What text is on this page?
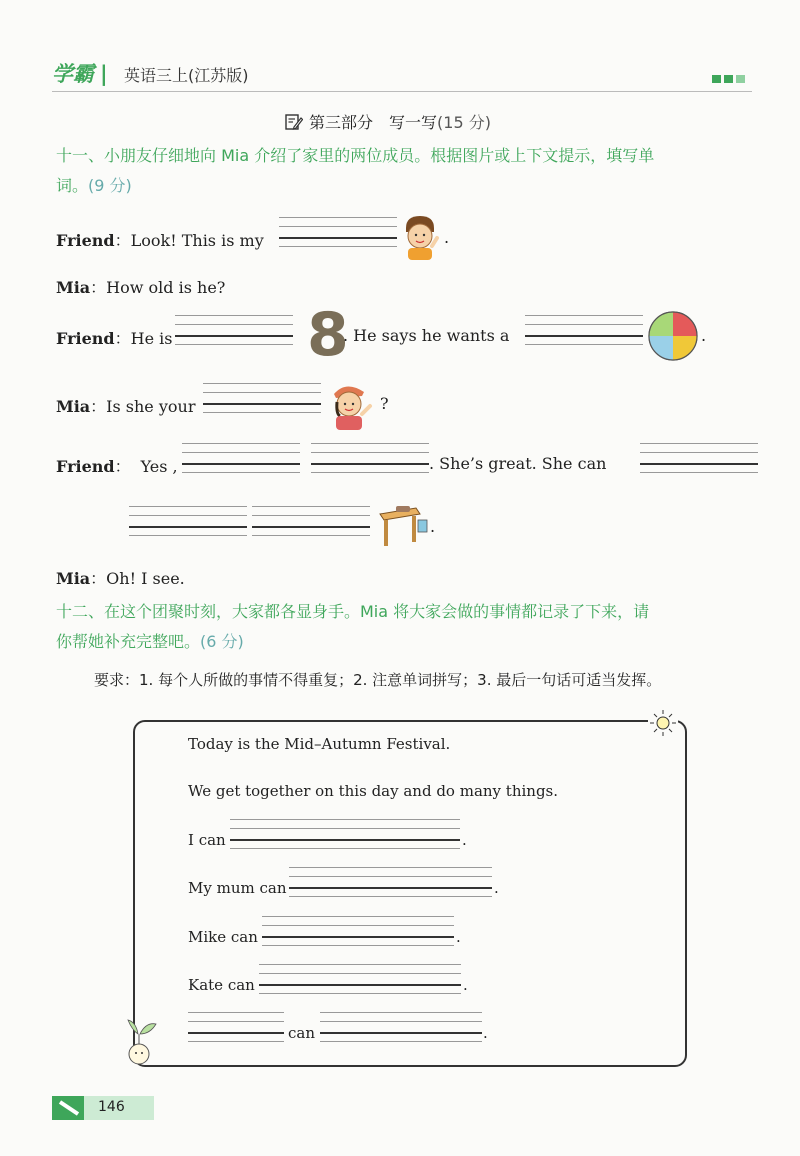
学霸 | 英语三上(江苏版)
第三部分　写一写(15 分)
十一、小朋友仔细地向 Mia 介绍了家里的两位成员。根据图片或上下文提示，填写单
词。(9 分)
Friend：Look! This is my	.
Mia：How old is he?
Friend：He is 8
. He says he wants a	.
Mia：Is she your	?
Friend： Yes ,	. She’s great. She can
.
Mia：Oh! I see.
十二、在这个团聚时刻，大家都各显身手。Mia 将大家会做的事情都记录了下来，请
你帮她补充完整吧。(6 分)
要求：1. 每个人所做的事情不得重复；2. 注意单词拼写；3. 最后一句话可适当发挥。
Today is the Mid–Autumn Festival.
We get together on this day and do many things.
I can	.
My mum can	.
Mike can	.
Kate can	.
can	.
146
